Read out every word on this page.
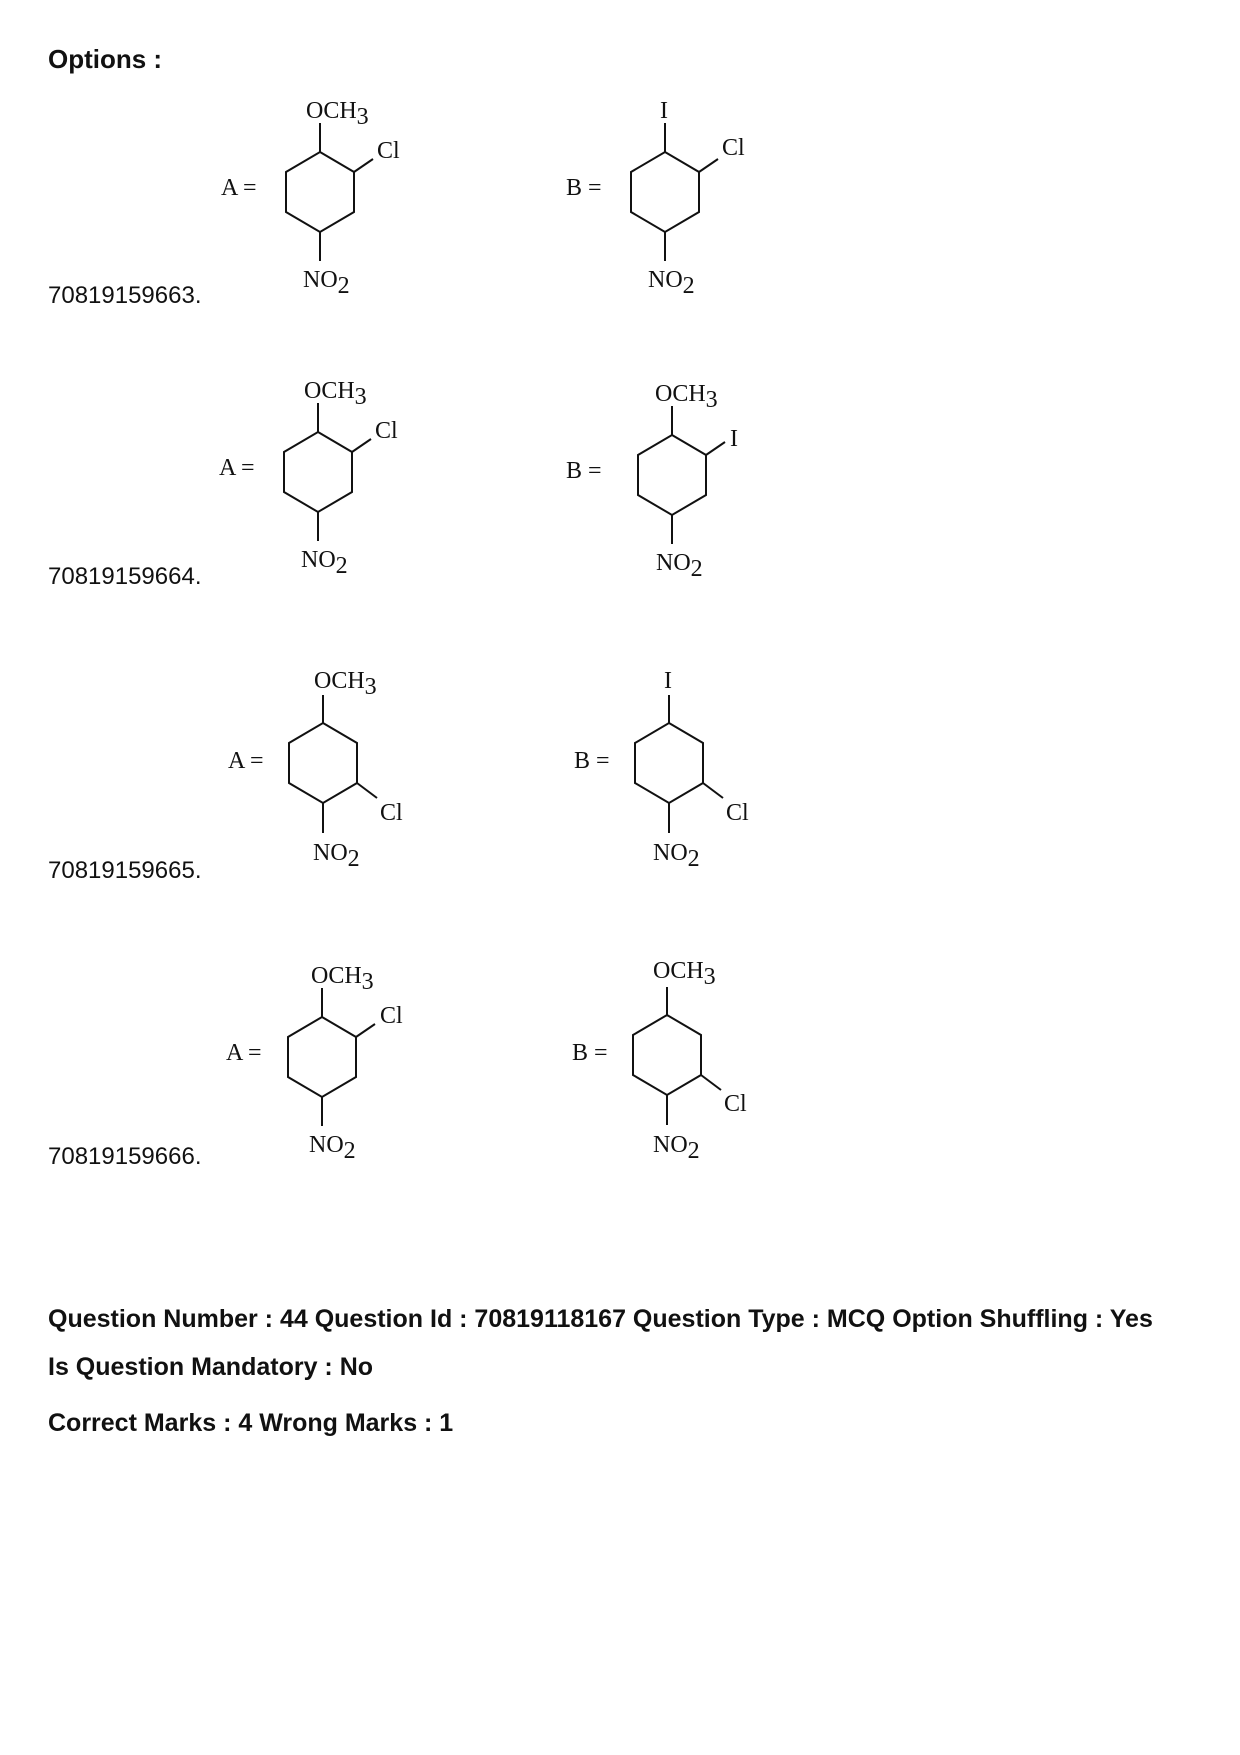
Options :
70819159663.
70819159664.
70819159665.
70819159666.
A =
OCH3
Cl
NO2
B =
I
Cl
NO2
A =
OCH3
Cl
NO2
B =
OCH3
I
NO2
A =
OCH3
Cl
NO2
B =
I
Cl
NO2
A =
OCH3
Cl
NO2
B =
OCH3
Cl
NO2

Question Number : 44 Question Id : 70819118167 Question Type : MCQ Option Shuffling : Yes

Is Question Mandatory : No

Correct Marks : 4 Wrong Marks : 1
